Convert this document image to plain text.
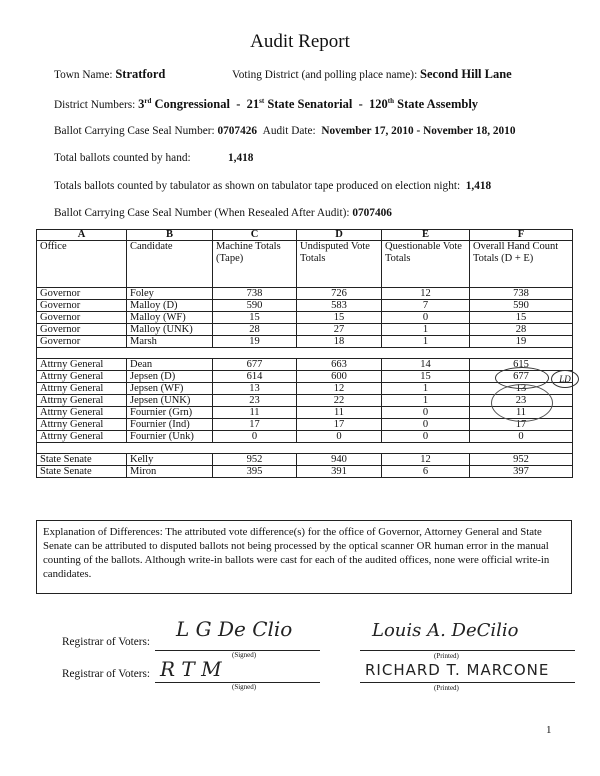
Audit Report
Town Name: Stratford	Voting District (and polling place name): Second Hill Lane
District Numbers: 3rd Congressional  -  21st State Senatorial  -  120th State Assembly
Ballot Carrying Case Seal Number: 0707426 Audit Date: November 17, 2010 - November 18, 2010
Total ballots counted by hand:	1,418
Totals ballots counted by tabulator as shown on tabulator tape produced on election night: 1,418
Ballot Carrying Case Seal Number (When Resealed After Audit): 0707406
A	B	C	D	E	F
Office	Candidate	Machine Totals (Tape)	Undisputed Vote Totals	Questionable Vote Totals	Overall Hand Count Totals (D + E)
Governor	Foley	738	726	12	738
Governor	Malloy (D)	590	583	7	590
Governor	Malloy (WF)	15	15	0	15
Governor	Malloy (UNK)	28	27	1	28
Governor	Marsh	19	18	1	19

Attrny General	Dean	677	663	14	615
Attrny General	Jepsen (D)	614	600	15	677
Attrny General	Jepsen (WF)	13	12	1	13
Attrny General	Jepsen (UNK)	23	22	1	23
Attrny General	Fournier (Grn)	11	11	0	11
Attrny General	Fournier (Ind)	17	17	0	17
Attrny General	Fournier (Unk)	0	0	0	0

State Senate	Kelly	952	940	12	952
State Senate	Miron	395	391	6	397
LD
Explanation of Differences: The attributed vote difference(s) for the office of Governor, Attorney General and State Senate can be attributed to disputed ballots not being processed by the optical scanner OR human error in the manual counting of the ballots. Although write-in ballots were cast for each of the audited offices, none were official write-in candidates.
Registrar of Voters:
L G De Clio
(Signed)
Louis A. DeCilio
(Printed)
Registrar of Voters: R T M
(Signed)
RICHARD T. MARCONE
(Printed)
1
